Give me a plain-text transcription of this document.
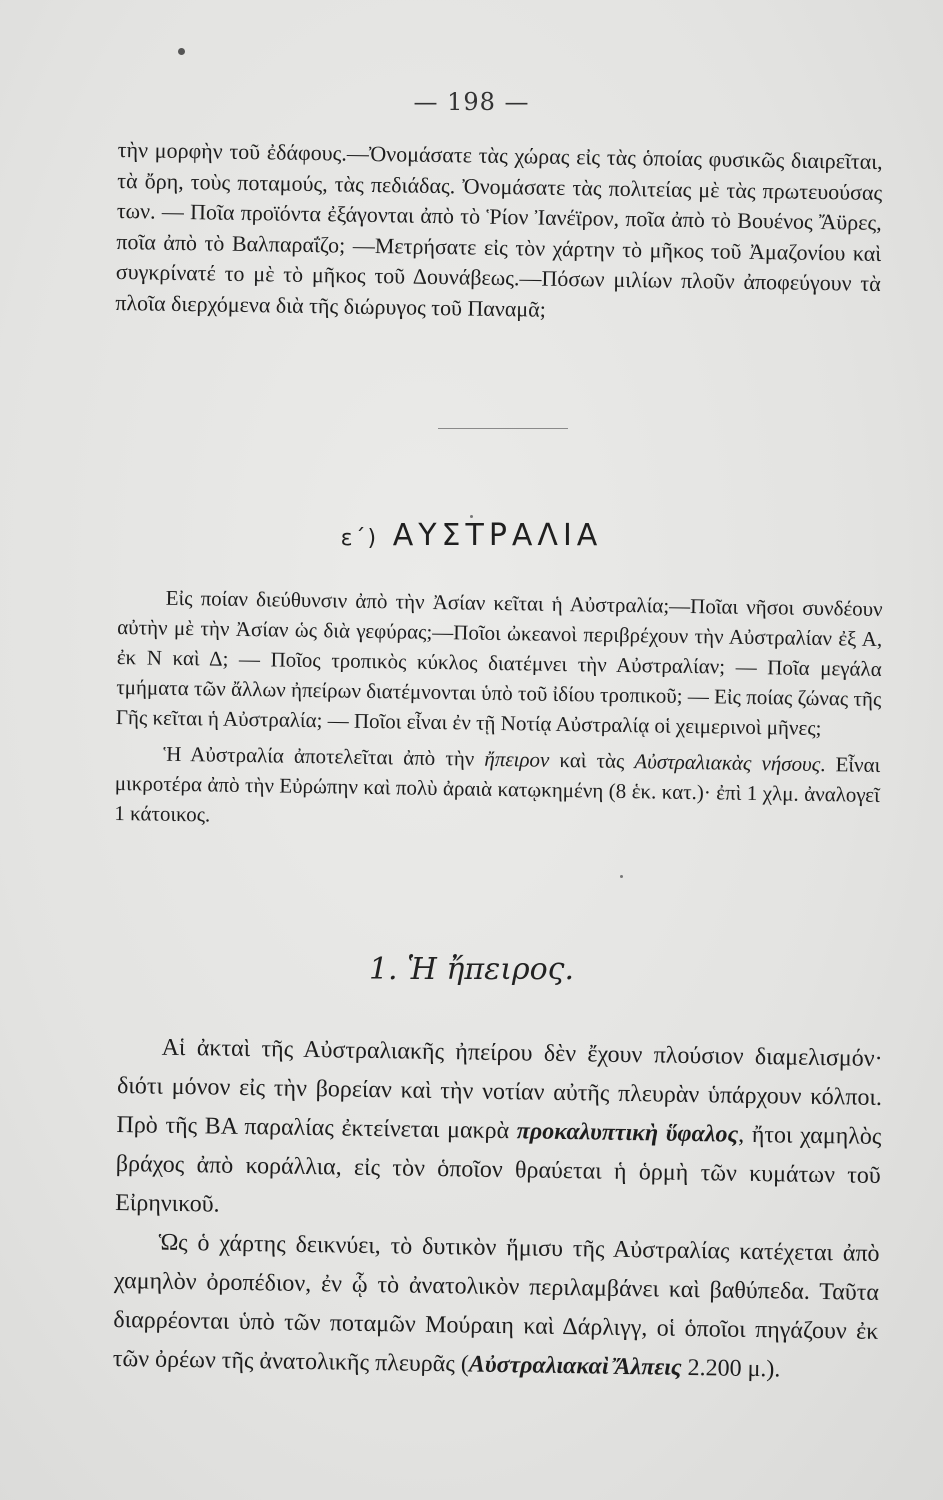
— 198 —

τὴν μορφὴν τοῦ ἐδάφους.—Ὀνομάσατε τὰς χώρας εἰς τὰς ὁποίας φυσικῶς διαιρεῖται, τὰ ὄρη, τοὺς ποταμούς, τὰς πεδιάδας. Ὀνομάσατε τὰς πολιτείας μὲ τὰς πρωτευούσας των. — Ποῖα προϊόντα ἐξάγονται ἀπὸ τὸ Ῥίον Ἰανέϊρον, ποῖα ἀπὸ τὸ Βουένος Ἄϋρες, ποῖα ἀπὸ τὸ Βαλπαραΐζο; —Μετρήσατε εἰς τὸν χάρτην τὸ μῆκος τοῦ Ἀμαζονίου καὶ συγκρίνατέ το μὲ τὸ μῆκος τοῦ Δουνάβεως.—Πόσων μιλίων πλοῦν ἀποφεύγουν τὰ πλοῖα διερχόμενα διὰ τῆς διώρυγος τοῦ Παναμᾶ;

ε΄) ΑΥΣΤΡΑΛΙΑ

Εἰς ποίαν διεύθυνσιν ἀπὸ τὴν Ἀσίαν κεῖται ἡ Αὐστραλία;—Ποῖαι νῆσοι συνδέουν αὐτὴν μὲ τὴν Ἀσίαν ὡς διὰ γεφύρας;—Ποῖοι ὠκεανοὶ περιβρέχουν τὴν Αὐστραλίαν ἐξ Α, ἐκ Ν καὶ Δ; — Ποῖος τροπικὸς κύκλος διατέμνει τὴν Αὐστραλίαν; — Ποῖα μεγάλα τμήματα τῶν ἄλλων ἠπείρων διατέμνονται ὑπὸ τοῦ ἰδίου τροπικοῦ; — Εἰς ποίας ζώνας τῆς Γῆς κεῖται ἡ Αὐστραλία; — Ποῖοι εἶναι ἐν τῇ Νοτίᾳ Αὐστραλίᾳ οἱ χειμερινοὶ μῆνες;

Ἡ Αὐστραλία ἀποτελεῖται ἀπὸ τὴν ἤπειρον καὶ τὰς Αὐστραλιακὰς νήσους. Εἶναι μικροτέρα ἀπὸ τὴν Εὐρώπην καὶ πολὺ ἀραιὰ κατῳκημένη (8 ἑκ. κατ.)· ἐπὶ 1 χλμ. ἀναλογεῖ 1 κάτοικος.

1. Ἡ ἤπειρος.

Αἱ ἀκταὶ τῆς Αὐστραλιακῆς ἠπείρου δὲν ἔχουν πλούσιον διαμελισμόν· διότι μόνον εἰς τὴν βορείαν καὶ τὴν νοτίαν αὐτῆς πλευρὰν ὑπάρχουν κόλποι. Πρὸ τῆς ΒΑ παραλίας ἐκτείνεται μακρὰ προκαλυπτικὴ ὕφαλος, ἤτοι χαμηλὸς βράχος ἀπὸ κοράλλια, εἰς τὸν ὁποῖον θραύεται ἡ ὁρμὴ τῶν κυμάτων τοῦ Εἰρηνικοῦ.

Ὡς ὁ χάρτης δεικνύει, τὸ δυτικὸν ἥμισυ τῆς Αὐστραλίας κατέχεται ἀπὸ χαμηλὸν ὀροπέδιον, ἐν ᾧ τὸ ἀνατολικὸν περιλαμβάνει καὶ βαθύπεδα. Ταῦτα διαρρέονται ὑπὸ τῶν ποταμῶν Μούραιη καὶ Δάρλιγγ, οἱ ὁποῖοι πηγάζουν ἐκ τῶν ὀρέων τῆς ἀνατολικῆς πλευρᾶς (Αὐστραλιακαὶ Ἄλπεις 2.200 μ.).
